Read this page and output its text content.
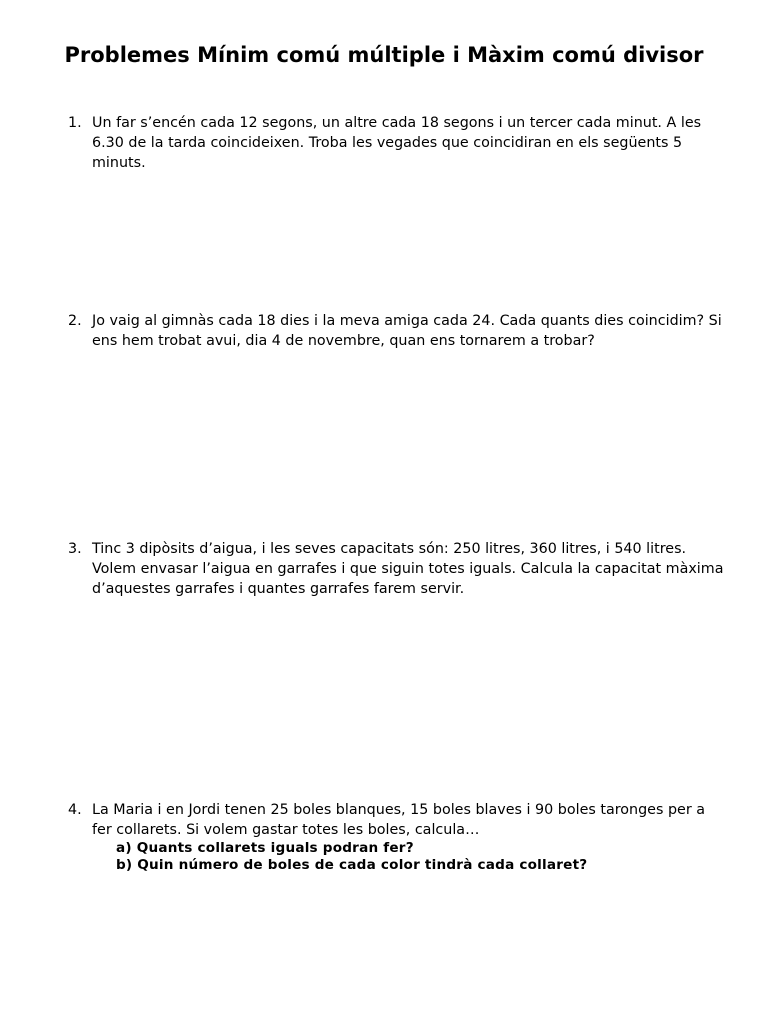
Problemes Mínim comú múltiple i Màxim comú divisor
1. Un far s’encén cada 12 segons, un altre cada 18 segons i un tercer cada minut. A les 6.30 de la tarda coincideixen. Troba les vegades que coincidiran en els següents 5 minuts.
2. Jo vaig al gimnàs cada 18 dies i la meva amiga cada 24. Cada quants dies coincidim? Si ens hem trobat avui, dia 4 de novembre, quan ens tornarem a trobar?
3. Tinc 3 dipòsits d’aigua, i les seves capacitats són: 250 litres, 360 litres, i 540 litres. Volem envasar l’aigua en garrafes i que siguin totes iguals. Calcula la capacitat màxima d’aquestes garrafes i quantes garrafes farem servir.
4. La Maria i en Jordi tenen 25 boles blanques, 15 boles blaves i 90 boles taronges per a fer collarets. Si volem gastar totes les boles, calcula…
a) Quants collarets iguals podran fer?
b) Quin número de boles de cada color tindrà cada collaret?
